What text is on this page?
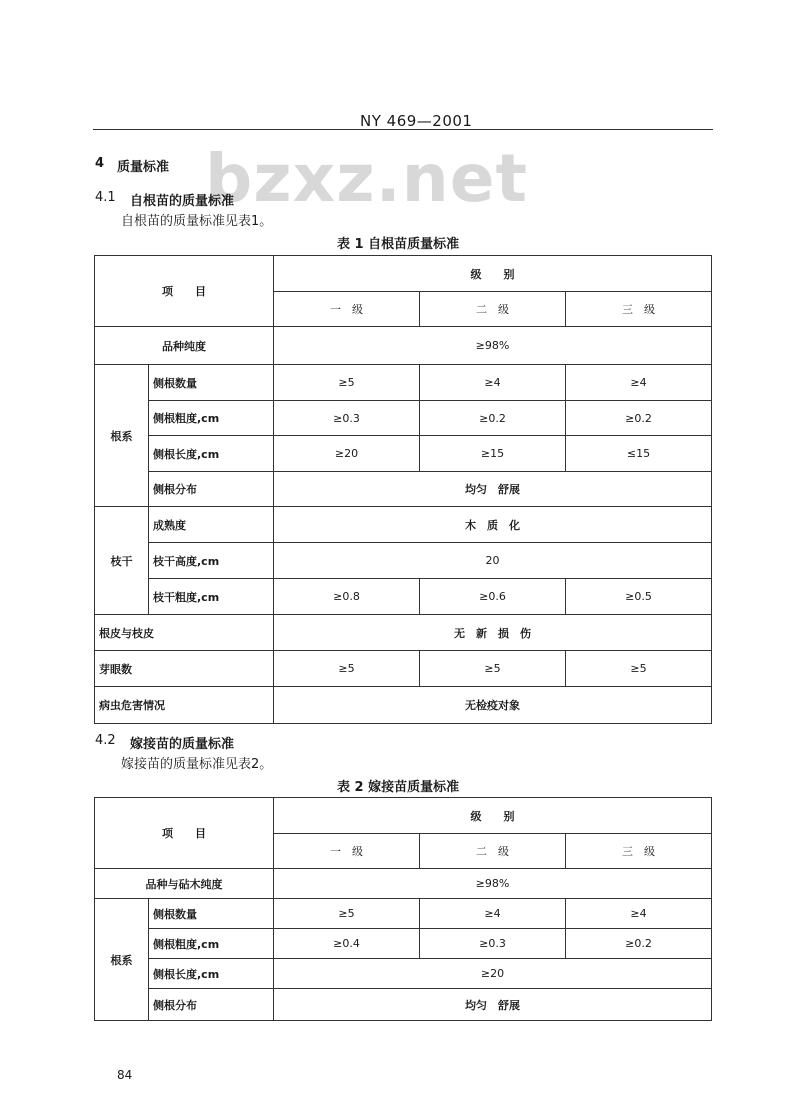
NY 469—2001
bzxz.net
4 质量标准
4.1 自根苗的质量标准
自根苗的质量标准见表1。
表 1 自根苗质量标准
项　　目		级　　别		
		一　级	二　级	三　级
品种纯度		≥98%		
根系	侧根数量	≥5	≥4	≥4
	侧根粗度,cm	≥0.3	≥0.2	≥0.2
	侧根长度,cm	≥20	≥15	≤15
	侧根分布	均匀　舒展		
枝干	成熟度	木　质　化		
	枝干高度,cm	20		
	枝干粗度,cm	≥0.8	≥0.6	≥0.5
根皮与枝皮		无　新　损　伤		
芽眼数		≥5	≥5	≥5
病虫危害情况		无检疫对象		
4.2 嫁接苗的质量标准
嫁接苗的质量标准见表2。
表 2 嫁接苗质量标准
项　　目		级　　别		
		一　级	二　级	三　级
品种与砧木纯度		≥98%		
根系	侧根数量	≥5	≥4	≥4
	侧根粗度,cm	≥0.4	≥0.3	≥0.2
	侧根长度,cm	≥20		
	侧根分布	均匀　舒展		
84
